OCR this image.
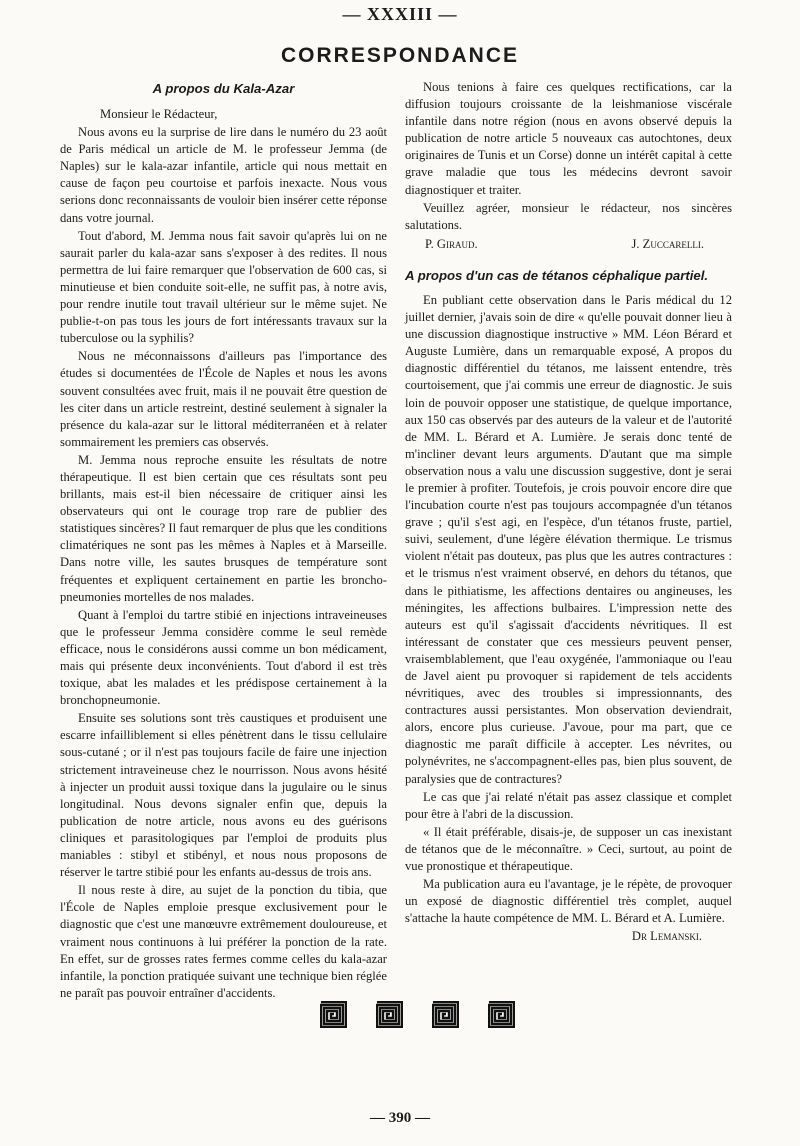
— XXXIII —

CORRESPONDANCE
A propos du Kala-Azar

Monsieur le Rédacteur,

Nous avons eu la surprise de lire dans le numéro du 23 août de Paris médical un article de M. le professeur Jemma (de Naples) sur le kala-azar infantile, article qui nous mettait en cause de façon peu courtoise et parfois inexacte. Nous vous serions donc reconnaissants de vouloir bien insérer cette réponse dans votre journal.

Tout d'abord, M. Jemma nous fait savoir qu'après lui on ne saurait parler du kala-azar sans s'exposer à des redites. Il nous permettra de lui faire remarquer que l'observation de 600 cas, si minutieuse et bien conduite soit-elle, ne suffit pas, à notre avis, pour rendre inutile tout travail ultérieur sur le même sujet. Ne publie-t-on pas tous les jours de fort intéressants travaux sur la tuberculose ou la syphilis?

Nous ne méconnaissons d'ailleurs pas l'importance des études si documentées de l'École de Naples et nous les avons souvent consultées avec fruit, mais il ne pouvait être question de les citer dans un article restreint, destiné seulement à signaler la présence du kala-azar sur le littoral méditerranéen et à relater sommairement les premiers cas observés.

M. Jemma nous reproche ensuite les résultats de notre thérapeutique. Il est bien certain que ces résultats sont peu brillants, mais est-il bien nécessaire de critiquer ainsi les observateurs qui ont le courage trop rare de publier des statistiques sincères? Il faut remarquer de plus que les conditions climatériques ne sont pas les mêmes à Naples et à Marseille. Dans notre ville, les sautes brusques de température sont fréquentes et expliquent certainement en partie les broncho-pneumonies mortelles de nos malades.

Quant à l'emploi du tartre stibié en injections intraveineuses que le professeur Jemma considère comme le seul remède efficace, nous le considérons aussi comme un bon médicament, mais qui présente deux inconvénients. Tout d'abord il est très toxique, abat les malades et les prédispose certainement à la bronchopneumonie.

Ensuite ses solutions sont très caustiques et produisent une escarre infailliblement si elles pénètrent dans le tissu cellulaire sous-cutané ; or il n'est pas toujours facile de faire une injection strictement intraveineuse chez le nourrisson. Nous avons hésité à injecter un produit aussi toxique dans la jugulaire ou le sinus longitudinal. Nous devons signaler enfin que, depuis la publication de notre article, nous avons eu des guérisons cliniques et parasitologiques par l'emploi de produits plus maniables : stibyl et stibényl, et nous nous proposons de réserver le tartre stibié pour les enfants au-dessus de trois ans.

Il nous reste à dire, au sujet de la ponction du tibia, que l'École de Naples emploie presque exclusivement pour le diagnostic que c'est une manœuvre extrêmement douloureuse, et vraiment nous continuons à lui préférer la ponction de la rate. En effet, sur de grosses rates fermes comme celles du kala-azar infantile, la ponction pratiquée suivant une technique bien réglée ne paraît pas pouvoir entraîner d'accidents.

Nous tenions à faire ces quelques rectifications, car la diffusion toujours croissante de la leishmaniose viscérale infantile dans notre région (nous en avons observé depuis la publication de notre article 5 nouveaux cas autochtones, deux originaires de Tunis et un Corse) donne un intérêt capital à cette grave maladie que tous les médecins devront savoir diagnostiquer et traiter.

Veuillez agréer, monsieur le rédacteur, nos sincères salutations.

P. Giraud.	J. Zuccarelli.
A propos d'un cas de tétanos céphalique partiel.

En publiant cette observation dans le Paris médical du 12 juillet dernier, j'avais soin de dire « qu'elle pouvait donner lieu à une discussion diagnostique instructive » MM. Léon Bérard et Auguste Lumière, dans un remarquable exposé, A propos du diagnostic différentiel du tétanos, me laissent entendre, très courtoisement, que j'ai commis une erreur de diagnostic. Je suis loin de pouvoir opposer une statistique, de quelque importance, aux 150 cas observés par des auteurs de la valeur et de l'autorité de MM. L. Bérard et A. Lumière. Je serais donc tenté de m'incliner devant leurs arguments. D'autant que ma simple observation nous a valu une discussion suggestive, dont je serai le premier à profiter. Toutefois, je crois pouvoir encore dire que l'incubation courte n'est pas toujours accompagnée d'un tétanos grave ; qu'il s'est agi, en l'espèce, d'un tétanos fruste, partiel, suivi, seulement, d'une légère élévation thermique. Le trismus violent n'était pas douteux, pas plus que les autres contractures : et le trismus n'est vraiment observé, en dehors du tétanos, que dans le pithiatisme, les affections dentaires ou angineuses, les méningites, les affections bulbaires. L'impression nette des auteurs est qu'il s'agissait d'accidents névritiques. Il est intéressant de constater que ces messieurs peuvent penser, vraisemblablement, que l'eau oxygénée, l'ammoniaque ou l'eau de Javel aient pu provoquer si rapidement de tels accidents névritiques, avec des troubles si impressionnants, des contractures aussi persistantes. Mon observation deviendrait, alors, encore plus curieuse. J'avoue, pour ma part, que ce diagnostic me paraît difficile à accepter. Les névrites, ou polynévrites, ne s'accompagnent-elles pas, bien plus souvent, de paralysies que de contractures?

Le cas que j'ai relaté n'était pas assez classique et complet pour être à l'abri de la discussion.

« Il était préférable, disais-je, de supposer un cas inexistant de tétanos que de le méconnaître. » Ceci, surtout, au point de vue pronostique et thérapeutique.

Ma publication aura eu l'avantage, je le répète, de provoquer un exposé de diagnostic différentiel très complet, auquel s'attache la haute compétence de MM. L. Bérard et A. Lumière.

Dr Lemanski.

— 390 —
